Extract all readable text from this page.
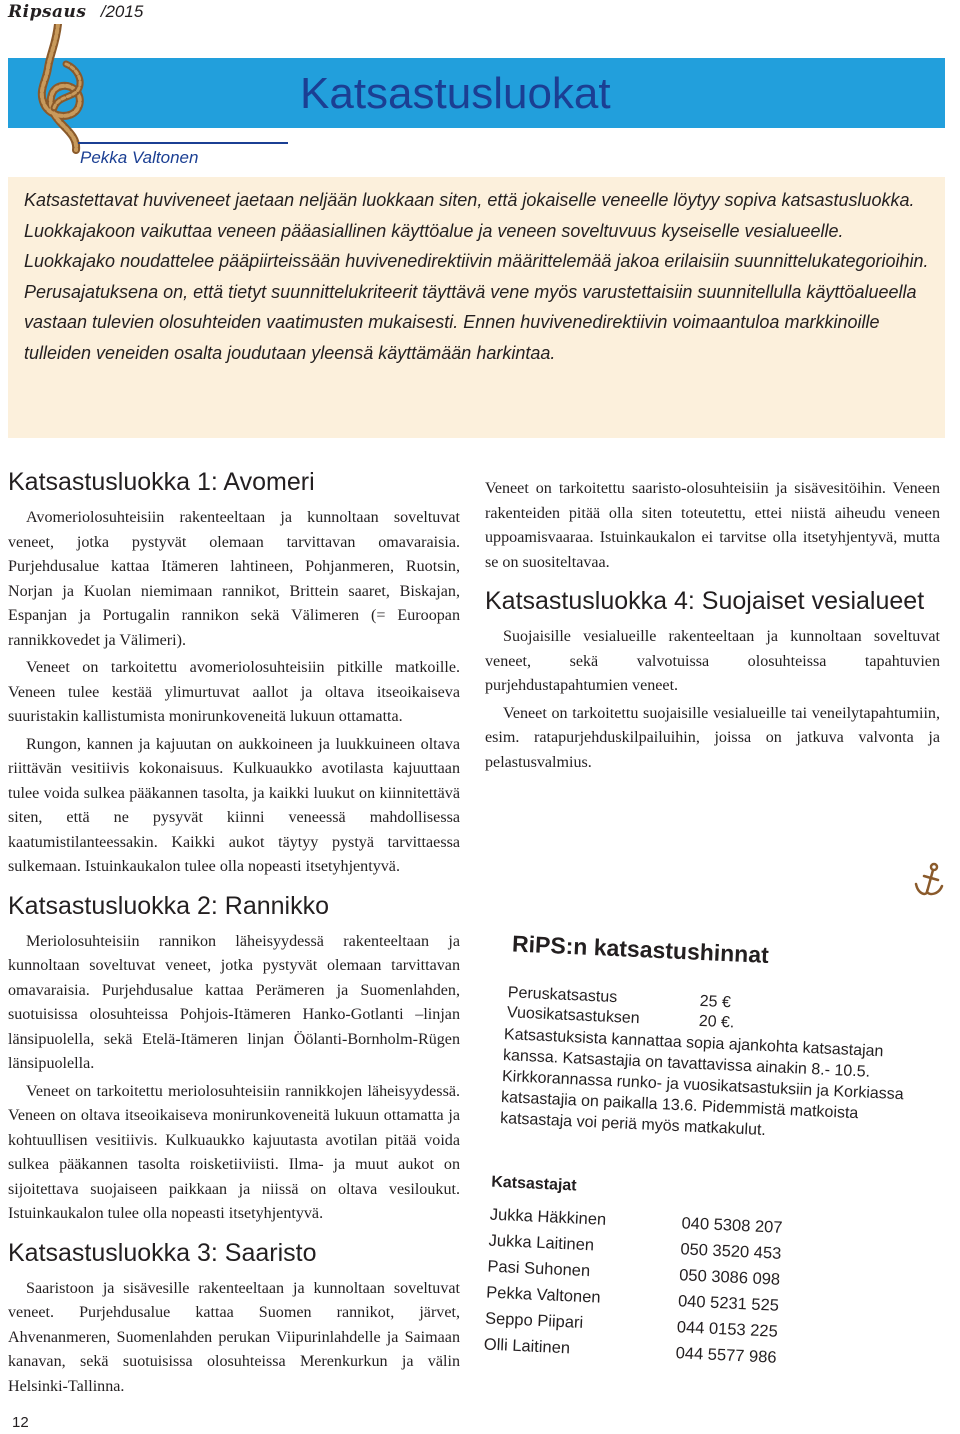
Ripsaus /2015
Katsastusluokat
Pekka Valtonen

Katsastettavat huviveneet jaetaan neljään luokkaan siten, että jokaiselle veneelle löytyy sopiva katsastusluokka. Luokkajakoon vaikuttaa veneen pääasiallinen käyttöalue ja veneen soveltuvuus kyseiselle vesialueelle. Luokkajako noudattelee pääpiirteissään huvivenedirektiivin määrittelemää jakoa erilaisiin suunnittelukategorioihin. Perusajatuksena on, että tietyt suunnittelukriteerit täyttävä vene myös varustettaisiin suunnitellulla käyttöalueella vastaan tulevien olosuhteiden vaatimusten mukaisesti. Ennen huvivenedirektiivin voimaantuloa markkinoille tulleiden veneiden osalta joudutaan yleensä käyttämään harkintaa.

Katsastusluokka 1: Avomeri

Avomeriolosuhteisiin rakenteeltaan ja kunnoltaan soveltuvat veneet, jotka pystyvät olemaan tarvittavan omavaraisia. Purjehdusalue kattaa Itämeren lahtineen, Pohjanmeren, Ruotsin, Norjan ja Kuolan niemimaan rannikot, Brittein saaret, Biskajan, Espanjan ja Portugalin rannikon sekä Välimeren (= Euroopan rannikkovedet ja Välimeri).

Veneet on tarkoitettu avomeriolosuhteisiin pitkille matkoille. Veneen tulee kestää ylimurtuvat aallot ja oltava itseoikaiseva suuristakin kallistumista monirunkoveneitä lukuun ottamatta.

Rungon, kannen ja kajuutan on aukkoineen ja luukkuineen oltava riittävän vesitiivis kokonaisuus. Kulkuaukko avotilasta kajuuttaan tulee voida sulkea pääkannen tasolta, ja kaikki luukut on kiinnitettävä siten, että ne pysyvät kiinni veneessä mahdollisessa kaatumistilanteessakin. Kaikki aukot täytyy pystyä tarvittaessa sulkemaan. Istuinkaukalon tulee olla nopeasti itsetyhjentyvä.

Katsastusluokka 2: Rannikko

Meriolosuhteisiin rannikon läheisyydessä rakenteeltaan ja kunnoltaan soveltuvat veneet, jotka pystyvät olemaan tarvittavan omavaraisia. Purjehdusalue kattaa Perämeren ja Suomenlahden, suotuisissa olosuhteissa Pohjois-Itämeren Hanko-Gotlanti –linjan länsipuolella, sekä Etelä-Itämeren linjan Öölanti-Bornholm-Rügen länsipuolella.

Veneet on tarkoitettu meriolosuhteisiin rannikkojen läheisyydessä. Veneen on oltava itseoikaiseva monirunkoveneitä lukuun ottamatta ja kohtuullisen vesitiivis. Kulkuaukko kajuutasta avotilan pitää voida sulkea pääkannen tasolta roisketiiviisti. Ilma- ja muut aukot on sijoitettava suojaiseen paikkaan ja niissä on oltava vesiloukut. Istuinkaukalon tulee olla nopeasti itsetyhjentyvä.

Katsastusluokka 3: Saaristo

Saaristoon ja sisävesille rakenteeltaan ja kunnoltaan soveltuvat veneet. Purjehdusalue kattaa Suomen rannikot, järvet, Ahvenanmeren, Suomenlahden perukan Viipurinlahdelle ja Saimaan kanavan, sekä suotuisissa olosuhteissa Merenkurkun ja välin Helsinki-Tallinna.

Veneet on tarkoitettu saaristo-olosuhteisiin ja sisävesitöihin. Veneen rakenteiden pitää olla siten toteutettu, ettei niistä aiheudu veneen uppoamisvaaraa. Istuinkaukalon ei tarvitse olla itsetyhjentyvä, mutta se on suositeltavaa.

Katsastusluokka 4: Suojaiset vesialueet

Suojaisille vesialueille rakenteeltaan ja kunnoltaan soveltuvat veneet, sekä valvotuissa olosuhteissa tapahtuvien purjehdustapahtumien veneet.

Veneet on tarkoitettu suojaisille vesialueille tai veneilytapahtumiin, esim. ratapurjehduskilpailuihin, joissa on jatkuva valvonta ja pelastusvalmius.

RiPS:n katsastushinnat
Peruskatsastus	25 €
Vuosikatsastuksen	20 €.

Katsastuksista kannattaa sopia ajankohta katsastajan kanssa. Katsastajia on tavattavissa ainakin 8.- 10.5. Kirkkorannassa runko- ja vuosikatsastuksiin ja Korkiassa katsastajia on paikalla 13.6. Pidemmistä matkoista katsastaja voi periä myös matkakulut.

Katsastajat
Jukka Häkkinen	040 5308 207
Jukka Laitinen	050 3520 453
Pasi Suhonen	050 3086 098
Pekka Valtonen	040 5231 525
Seppo Piipari	044 0153 225
Olli Laitinen	044 5577 986
12
